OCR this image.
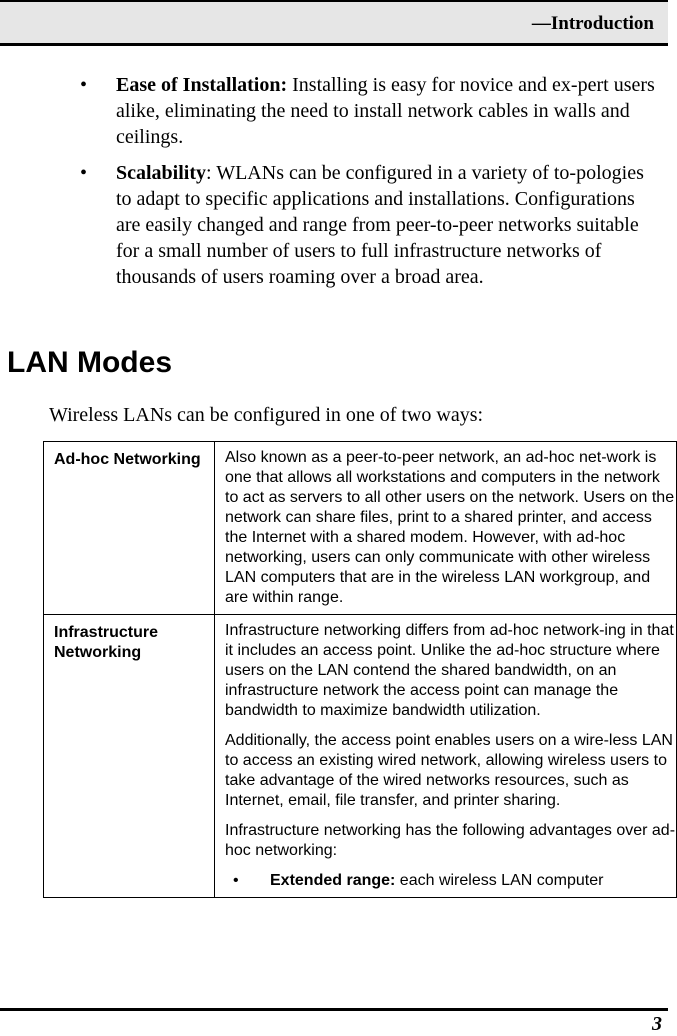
—Introduction
•	Ease of Installation: Installing is easy for novice and ex-pert users alike, eliminating the need to install network cables in walls and ceilings.
•	Scalability: WLANs can be configured in a variety of to-pologies to adapt to specific applications and installations. Configurations are easily changed and range from peer-to-peer networks suitable for a small number of users to full infrastructure networks of thousands of users roaming over a broad area.
LAN Modes
Wireless LANs can be configured in one of two ways:
Ad-hoc Networking	Also known as a peer-to-peer network, an ad-hoc net-work is one that allows all workstations and computers in the network to act as servers to all other users on the network. Users on the network can share files, print to a shared printer, and access the Internet with a shared modem. However, with ad-hoc networking, users can only communicate with other wireless LAN computers that are in the wireless LAN workgroup, and are within range.

Infrastructure Networking	Infrastructure networking differs from ad-hoc network-ing in that it includes an access point. Unlike the ad-hoc structure where users on the LAN contend the shared bandwidth, on an infrastructure network the access point can manage the bandwidth to maximize bandwidth utilization.

Additionally, the access point enables users on a wire-less LAN to access an existing wired network, allowing wireless users to take advantage of the wired networks resources, such as Internet, email, file transfer, and printer sharing.

Infrastructure networking has the following advantages over ad-hoc networking:

• Extended range: each wireless LAN computer
3
